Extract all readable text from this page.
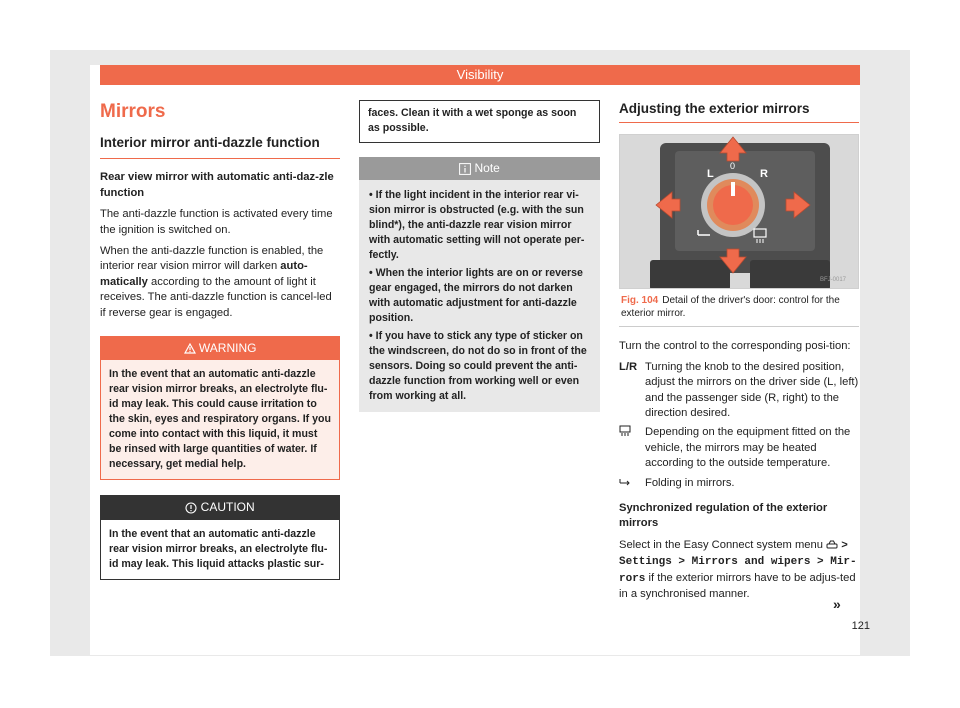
Visibility
Mirrors
Interior mirror anti-dazzle function

Rear view mirror with automatic anti-daz-zle function

The anti-dazzle function is activated every time the ignition is switched on.

When the anti-dazzle function is enabled, the interior rear vision mirror will darken auto-matically according to the amount of light it receives. The anti-dazzle function is cancel-led if reverse gear is engaged.

WARNING
In the event that an automatic anti-dazzle rear vision mirror breaks, an electrolyte flu-id may leak. This could cause irritation to the skin, eyes and respiratory organs. If you come into contact with this liquid, it must be rinsed with large quantities of water. If necessary, get medial help.
CAUTION
In the event that an automatic anti-dazzle rear vision mirror breaks, an electrolyte flu-id may leak. This liquid attacks plastic sur-
faces. Clean it with a wet sponge as soon as possible.
Note
• If the light incident in the interior rear vi-sion mirror is obstructed (e.g. with the sun blind*), the anti-dazzle rear vision mirror with automatic setting will not operate per-fectly.
• When the interior lights are on or reverse gear engaged, the mirrors do not darken with automatic adjustment for anti-dazzle position.
• If you have to stick any type of sticker on the windscreen, do not do so in front of the sensors. Doing so could prevent the anti-dazzle function from working well or even from working at all.
Adjusting the exterior mirrors
L	R
0
BFJ-0017
Fig. 104 Detail of the driver's door: control for the exterior mirror.

Turn the control to the corresponding posi-tion:

L/R Turning the knob to the desired position, adjust the mirrors on the driver side (L, left) and the passenger side (R, right) to the direction desired.
Depending on the equipment fitted on the vehicle, the mirrors may be heated according to the outside temperature.
Folding in mirrors.

Synchronized regulation of the exterior mirrors

Select in the Easy Connect system menu > Settings > Mirrors and wipers > Mir-rors if the exterior mirrors have to be adjus-ted in a synchronised manner.

»
121
